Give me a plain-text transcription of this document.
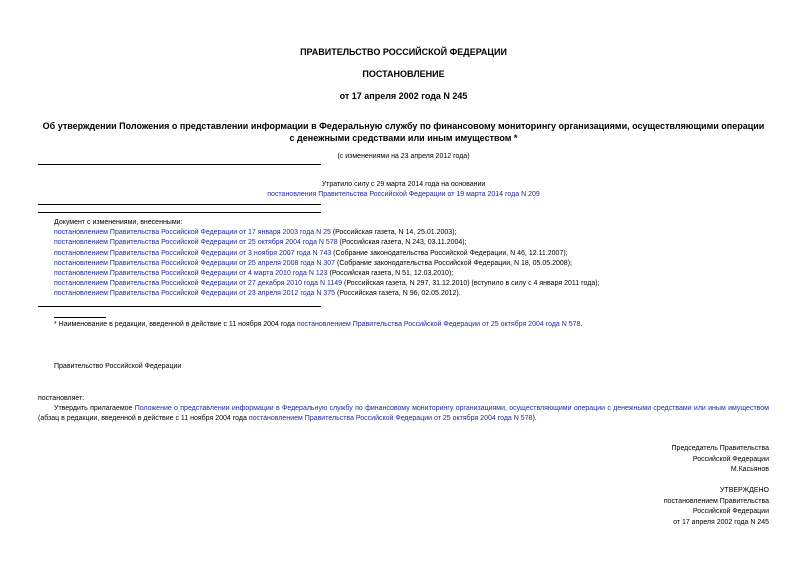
ПРАВИТЕЛЬСТВО РОССИЙСКОЙ ФЕДЕРАЦИИ
ПОСТАНОВЛЕНИЕ
от 17 апреля 2002 года N 245
Об утверждении Положения о представлении информации в Федеральную службу по финансовому мониторингу организациями, осуществляющими операции с денежными средствами или иным имуществом *
(с изменениями на 23 апреля 2012 года)
Утратило силу с 29 марта 2014 года на основании
постановления Правительства Российской Федерации от 19 марта 2014 года N 209
Документ с изменениями, внесенными:
постановлением Правительства Российской Федерации от 17 января 2003 года N 25 (Российская газета, N 14, 25.01.2003);
постановлением Правительства Российской Федерации от 25 октября 2004 года N 578 (Российская газета, N 243, 03.11.2004);
постановлением Правительства Российской Федерации от 3 ноября 2007 года N 743 (Собрание законодательства Российской Федерации, N 46, 12.11.2007);
постановлением Правительства Российской Федерации от 25 апреля 2008 года N 307 (Собрание законодательства Российской Федерации, N 18, 05.05.2008);
постановлением Правительства Российской Федерации от 4 марта 2010 года N 123 (Российская газета, N 51, 12.03.2010);
постановлением Правительства Российской Федерации от 27 декабря 2010 года N 1149 (Российская газета, N 297, 31.12.2010) (вступило в силу с 4 января 2011 года);
постановлением Правительства Российской Федерации от 23 апреля 2012 года N 375 (Российская газета, N 96, 02.05.2012).
* Наименование в редакции, введенной в действие с 11 ноября 2004 года постановлением Правительства Российской Федерации от 25 октября 2004 года N 578.
Правительство Российской Федерации
постановляет:
Утвердить прилагаемое Положение о представлении информации в Федеральную службу по финансовому мониторингу организациями, осуществляющими операции с денежными средствами или иным имуществом (абзац в редакции, введенной в действие с 11 ноября 2004 года постановлением Правительства Российской Федерации от 25 октября 2004 года N 578).
Председатель Правительства
Российской Федерации
М.Касьянов
УТВЕРЖДЕНО
постановлением Правительства
Российской Федерации
от 17 апреля 2002 года N 245
